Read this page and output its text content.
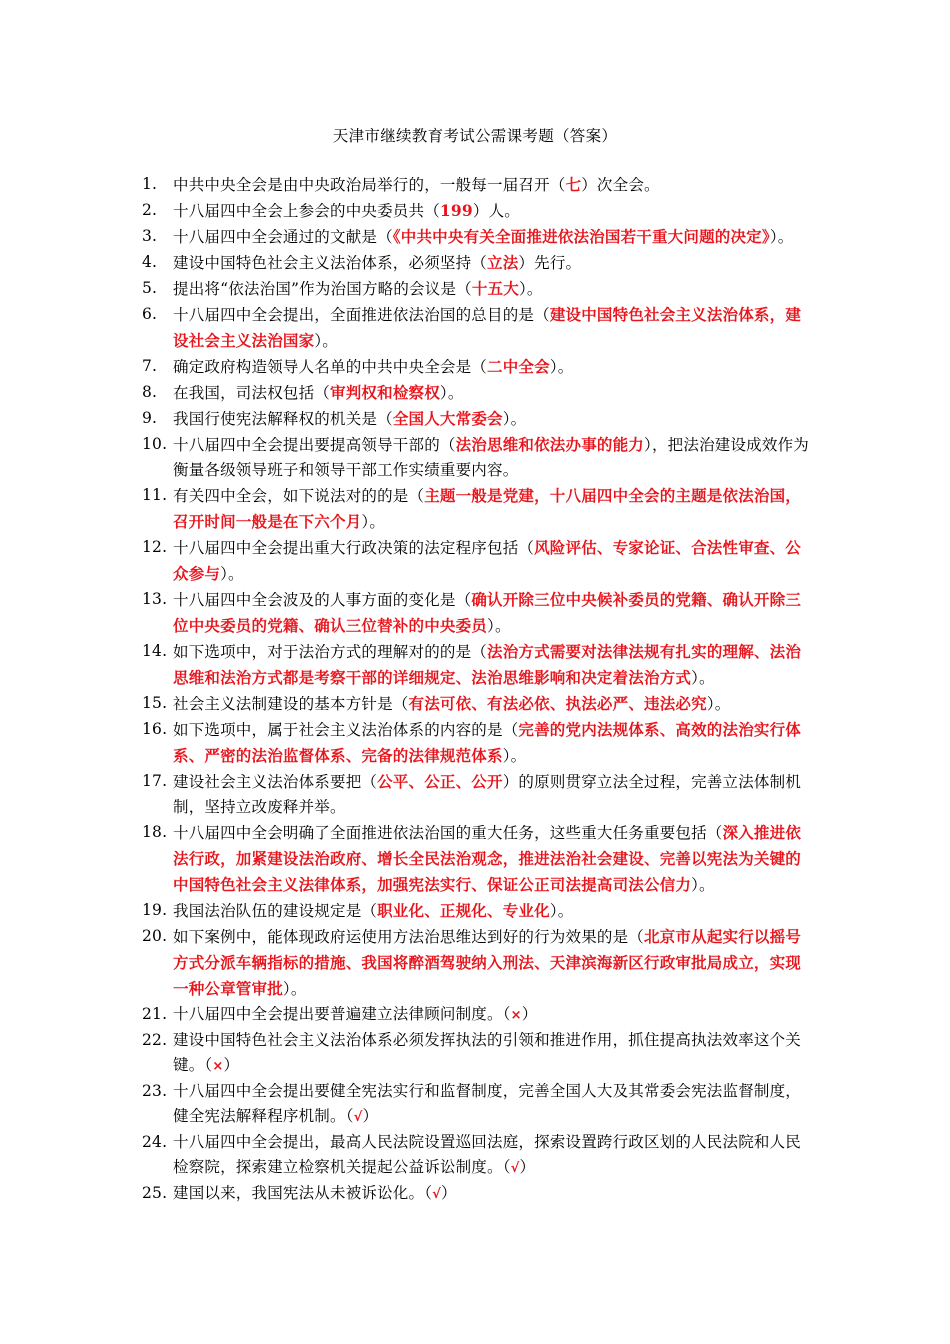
天津市继续教育考试公需课考题（答案）
1.	中共中央全会是由中央政治局举行的，一般每一届召开（七）次全会。
2.	十八届四中全会上参会的中央委员共（199）人。
3.	十八届四中全会通过的文献是（《中共中央有关全面推进依法治国若干重大问题的决定》）。
4.	建设中国特色社会主义法治体系，必须坚持（立法）先行。
5.	提出将“依法治国”作为治国方略的会议是（十五大）。
6.	十八届四中全会提出，全面推进依法治国的总目的是（建设中国特色社会主义法治体系，建设社会主义法治国家）。
7.	确定政府构造领导人名单的中共中央全会是（二中全会）。
8.	在我国，司法权包括（审判权和检察权）。
9.	我国行使宪法解释权的机关是（全国人大常委会）。
10. 十八届四中全会提出要提高领导干部的（法治思维和依法办事的能力），把法治建设成效作为衡量各级领导班子和领导干部工作实绩重要内容。
11. 有关四中全会，如下说法对的的是（主题一般是党建，十八届四中全会的主题是依法治国，召开时间一般是在下六个月）。
12. 十八届四中全会提出重大行政决策的法定程序包括（风险评估、专家论证、合法性审查、公众参与）。
13. 十八届四中全会波及的人事方面的变化是（确认开除三位中央候补委员的党籍、确认开除三位中央委员的党籍、确认三位替补的中央委员）。
14. 如下选项中，对于法治方式的理解对的的是（法治方式需要对法律法规有扎实的理解、法治思维和法治方式都是考察干部的详细规定、法治思维影响和决定着法治方式）。
15. 社会主义法制建设的基本方针是（有法可依、有法必依、执法必严、违法必究）。
16. 如下选项中，属于社会主义法治体系的内容的是（完善的党内法规体系、高效的法治实行体系、严密的法治监督体系、完备的法律规范体系）。
17. 建设社会主义法治体系要把（公平、公正、公开）的原则贯穿立法全过程，完善立法体制机制，坚持立改废释并举。
18. 十八届四中全会明确了全面推进依法治国的重大任务，这些重大任务重要包括（深入推进依法行政，加紧建设法治政府、增长全民法治观念，推进法治社会建设、完善以宪法为关键的中国特色社会主义法律体系，加强宪法实行、保证公正司法提高司法公信力）。
19. 我国法治队伍的建设规定是（职业化、正规化、专业化）。
20. 如下案例中，能体现政府运使用方法治思维达到好的行为效果的是（北京市从起实行以摇号方式分派车辆指标的措施、我国将醉酒驾驶纳入刑法、天津滨海新区行政审批局成立，实现一种公章管审批）。
21. 十八届四中全会提出要普遍建立法律顾问制度。（×）
22. 建设中国特色社会主义法治体系必须发挥执法的引领和推进作用，抓住提高执法效率这个关键。（×）
23. 十八届四中全会提出要健全宪法实行和监督制度，完善全国人大及其常委会宪法监督制度，健全宪法解释程序机制。（√）
24. 十八届四中全会提出，最高人民法院设置巡回法庭，探索设置跨行政区划的人民法院和人民检察院，探索建立检察机关提起公益诉讼制度。（√）
25. 建国以来，我国宪法从未被诉讼化。（√）
